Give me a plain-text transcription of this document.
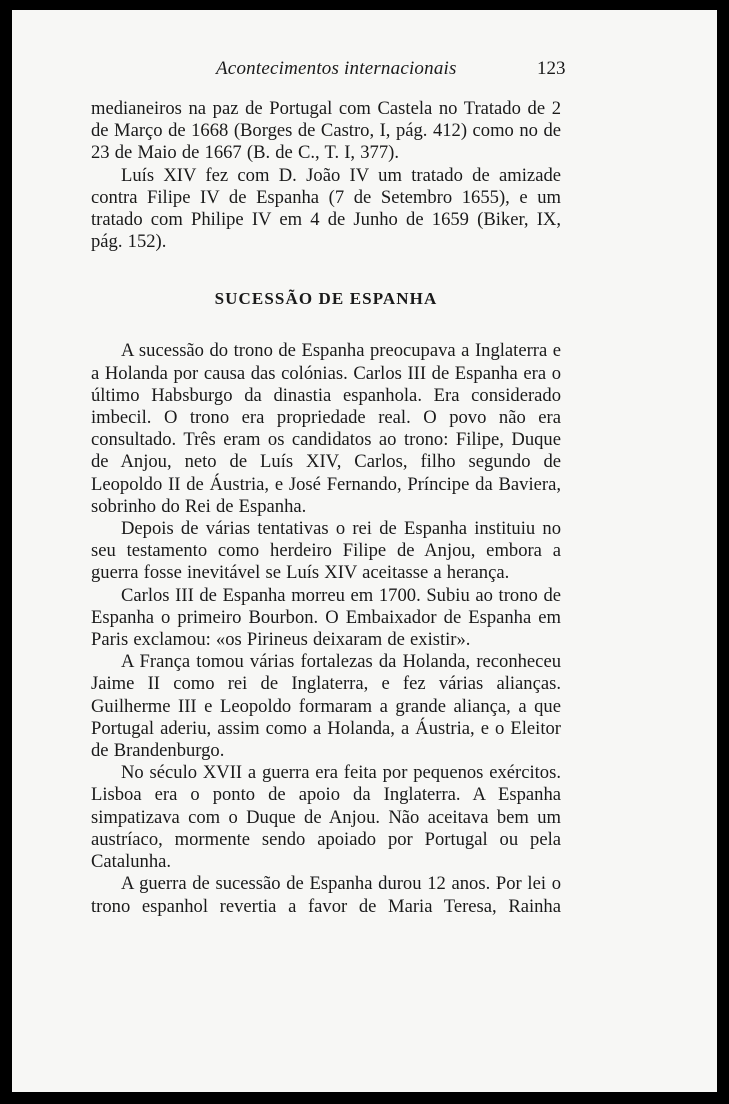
Acontecimentos internacionais	123

medianeiros na paz de Portugal com Castela no Tratado de 2 de Março de 1668 (Borges de Castro, I, pág. 412) como no de 23 de Maio de 1667 (B. de C., T. I, 377).

Luís XIV fez com D. João IV um tratado de amizade contra Filipe IV de Espanha (7 de Setembro 1655), e um tratado com Philipe IV em 4 de Junho de 1659 (Biker, IX, pág. 152).

SUCESSÃO DE ESPANHA

A sucessão do trono de Espanha preocupava a Inglaterra e a Holanda por causa das colónias. Carlos III de Espanha era o último Habsburgo da dinastia espanhola. Era considerado imbecil. O trono era propriedade real. O povo não era consultado. Três eram os candidatos ao trono: Filipe, Duque de Anjou, neto de Luís XIV, Carlos, filho segundo de Leopoldo II de Áustria, e José Fernando, Príncipe da Baviera, sobrinho do Rei de Espanha.

Depois de várias tentativas o rei de Espanha instituiu no seu testamento como herdeiro Filipe de Anjou, embora a guerra fosse inevitável se Luís XIV aceitasse a herança.

Carlos III de Espanha morreu em 1700. Subiu ao trono de Espanha o primeiro Bourbon. O Embaixador de Espanha em Paris exclamou: «os Pirineus deixaram de existir».

A França tomou várias fortalezas da Holanda, reconheceu Jaime II como rei de Inglaterra, e fez várias alianças. Guilherme III e Leopoldo formaram a grande aliança, a que Portugal aderiu, assim como a Holanda, a Áustria, e o Eleitor de Brandenburgo.

No século XVII a guerra era feita por pequenos exércitos. Lisboa era o ponto de apoio da Inglaterra. A Espanha simpatizava com o Duque de Anjou. Não aceitava bem um austríaco, mormente sendo apoiado por Portugal ou pela Catalunha.

A guerra de sucessão de Espanha durou 12 anos. Por lei o trono espanhol revertia a favor de Maria Teresa, Rainha
